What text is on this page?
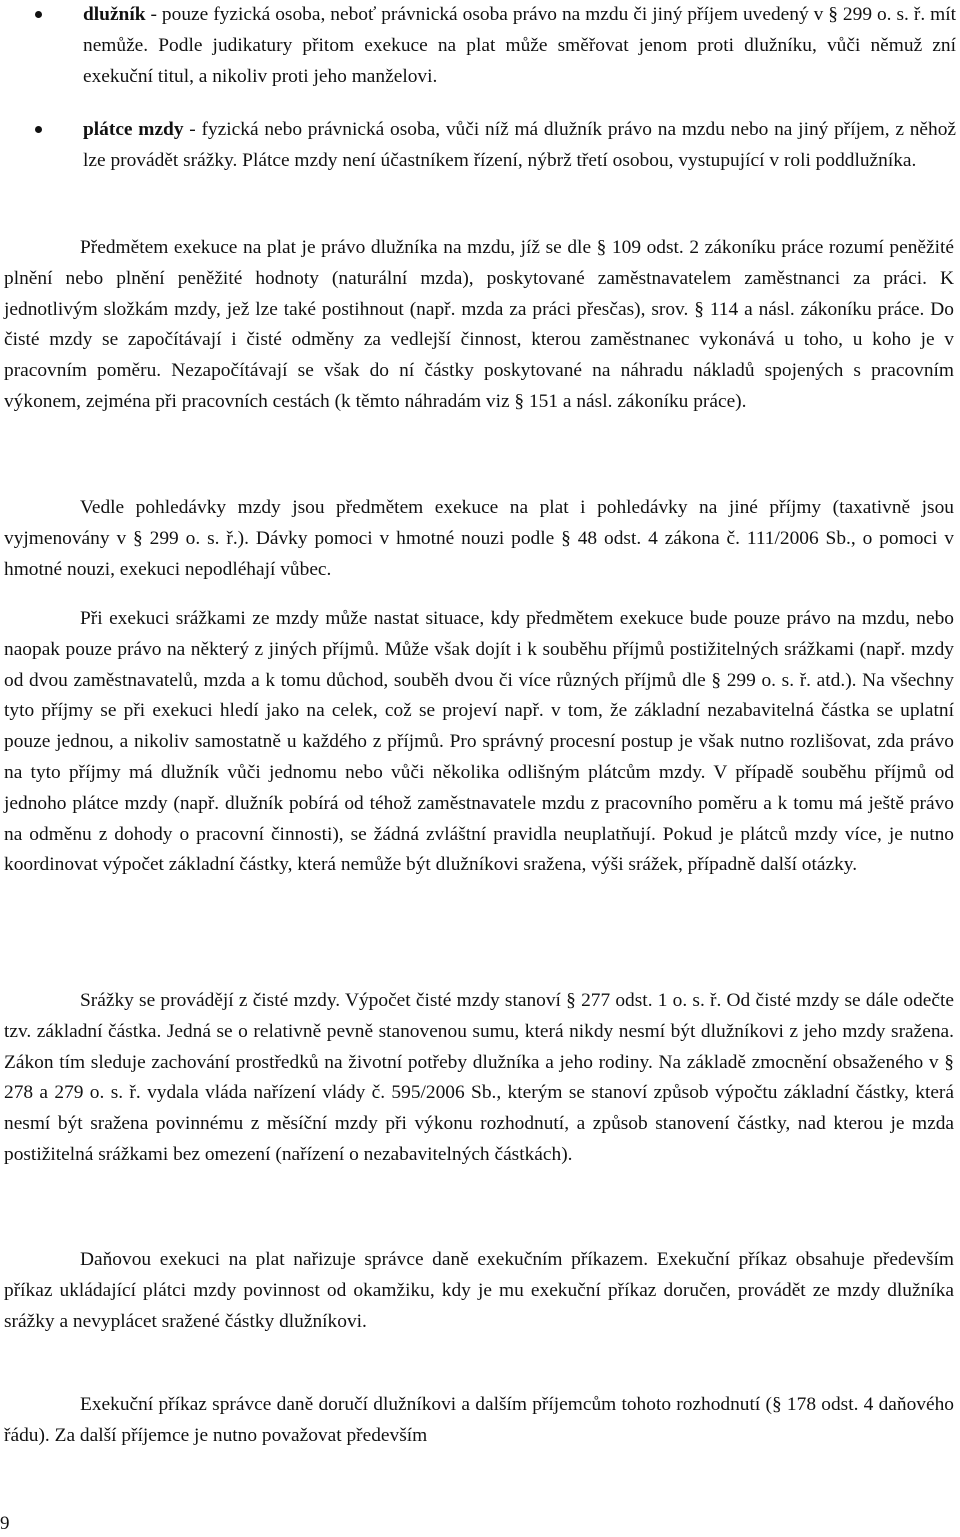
dlužník - pouze fyzická osoba, neboť právnická osoba právo na mzdu či jiný příjem uvedený v § 299 o. s. ř. mít nemůže. Podle judikatury přitom exekuce na plat může směřovat jenom proti dlužníku, vůči němuž zní exekuční titul, a nikoliv proti jeho manželovi.
plátce mzdy - fyzická nebo právnická osoba, vůči níž má dlužník právo na mzdu nebo na jiný příjem, z něhož lze provádět srážky. Plátce mzdy není účastníkem řízení, nýbrž třetí osobou, vystupující v roli poddlužníka.

Předmětem exekuce na plat je právo dlužníka na mzdu, jíž se dle § 109 odst. 2 zákoníku práce rozumí peněžité plnění nebo plnění peněžité hodnoty (naturální mzda), poskytované zaměstnavatelem zaměstnanci za práci. K jednotlivým složkám mzdy, jež lze také postihnout (např. mzda za práci přesčas), srov. § 114 a násl. zákoníku práce. Do čisté mzdy se započítávají i čisté odměny za vedlejší činnost, kterou zaměstnanec vykonává u toho, u koho je v pracovním poměru. Nezapočítávají se však do ní částky poskytované na náhradu nákladů spojených s pracovním výkonem, zejména při pracovních cestách (k těmto náhradám viz § 151 a násl. zákoníku práce).

Vedle pohledávky mzdy jsou předmětem exekuce na plat i pohledávky na jiné příjmy (taxativně jsou vyjmenovány v § 299 o. s. ř.). Dávky pomoci v hmotné nouzi podle § 48 odst. 4 zákona č. 111/2006 Sb., o pomoci v hmotné nouzi, exekuci nepodléhají vůbec.

Při exekuci srážkami ze mzdy může nastat situace, kdy předmětem exekuce bude pouze právo na mzdu, nebo naopak pouze právo na některý z jiných příjmů. Může však dojít i k souběhu příjmů postižitelných srážkami (např. mzdy od dvou zaměstnavatelů, mzda a k tomu důchod, souběh dvou či více různých příjmů dle § 299 o. s. ř. atd.). Na všechny tyto příjmy se při exekuci hledí jako na celek, což se projeví např. v tom, že základní nezabavitelná částka se uplatní pouze jednou, a nikoliv samostatně u každého z příjmů. Pro správný procesní postup je však nutno rozlišovat, zda právo na tyto příjmy má dlužník vůči jednomu nebo vůči několika odlišným plátcům mzdy. V případě souběhu příjmů od jednoho plátce mzdy (např. dlužník pobírá od téhož zaměstnavatele mzdu z pracovního poměru a k tomu má ještě právo na odměnu z dohody o pracovní činnosti), se žádná zvláštní pravidla neuplatňují. Pokud je plátců mzdy více, je nutno koordinovat výpočet základní částky, která nemůže být dlužníkovi sražena, výši srážek, případně další otázky.

Srážky se provádějí z čisté mzdy. Výpočet čisté mzdy stanoví § 277 odst. 1 o. s. ř. Od čisté mzdy se dále odečte tzv. základní částka. Jedná se o relativně pevně stanovenou sumu, která nikdy nesmí být dlužníkovi z jeho mzdy sražena. Zákon tím sleduje zachování prostředků na životní potřeby dlužníka a jeho rodiny. Na základě zmocnění obsaženého v § 278 a 279 o. s. ř. vydala vláda nařízení vlády č. 595/2006 Sb., kterým se stanoví způsob výpočtu základní částky, která nesmí být sražena povinnému z měsíční mzdy při výkonu rozhodnutí, a způsob stanovení částky, nad kterou je mzda postižitelná srážkami bez omezení (nařízení o nezabavitelných částkách).

Daňovou exekuci na plat nařizuje správce daně exekučním příkazem. Exekuční příkaz obsahuje především příkaz ukládající plátci mzdy povinnost od okamžiku, kdy je mu exekuční příkaz doručen, provádět ze mzdy dlužníka srážky a nevyplácet sražené částky dlužníkovi.

Exekuční příkaz správce daně doručí dlužníkovi a dalším příjemcům tohoto rozhodnutí (§ 178 odst. 4 daňového řádu). Za další příjemce je nutno považovat především

9
